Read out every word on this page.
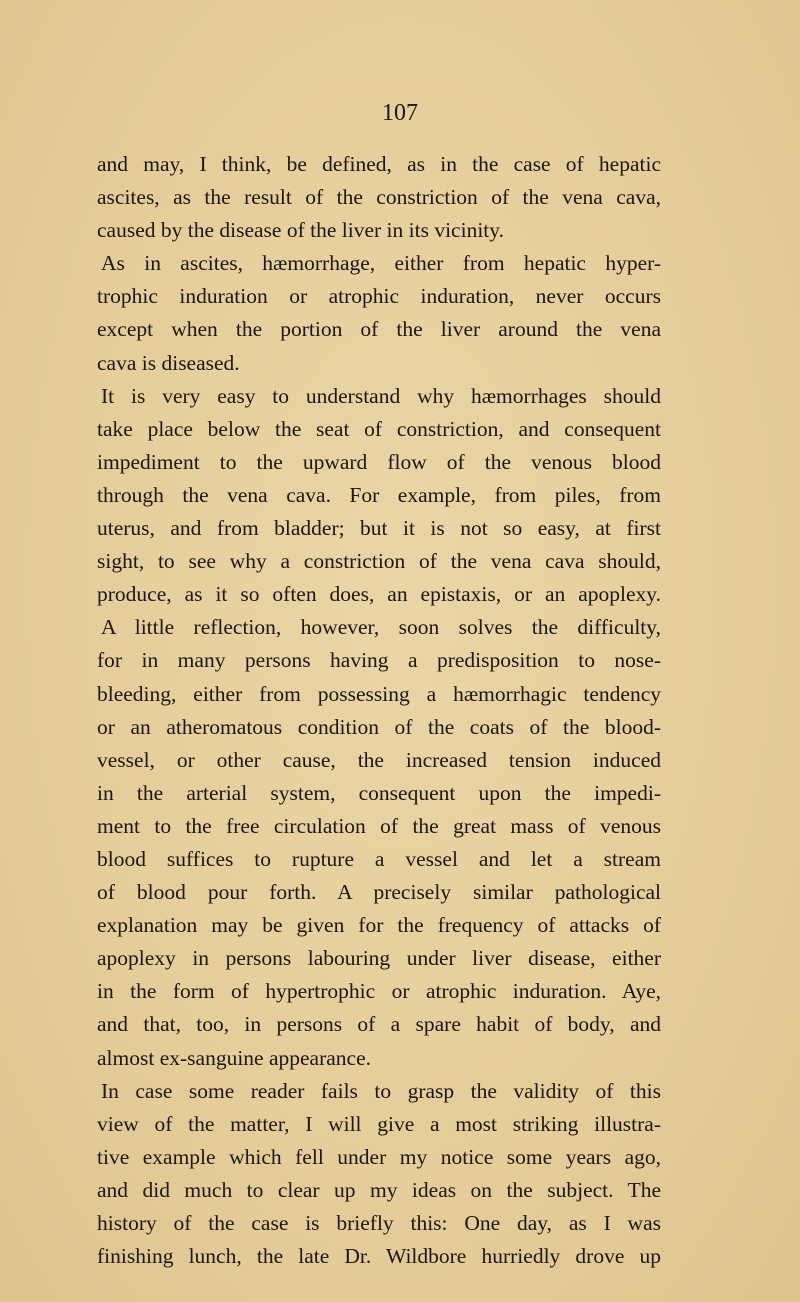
107
and may, I think, be defined, as in the case of hepatic
ascites, as the result of the constriction of the vena cava,
caused by the disease of the liver in its vicinity.
As in ascites, hæmorrhage, either from hepatic hyper-
trophic induration or atrophic induration, never occurs
except when the portion of the liver around the vena
cava is diseased.
It is very easy to understand why hæmorrhages should
take place below the seat of constriction, and consequent
impediment to the upward flow of the venous blood
through the vena cava. For example, from piles, from
uterus, and from bladder; but it is not so easy, at first
sight, to see why a constriction of the vena cava should,
produce, as it so often does, an epistaxis, or an apoplexy.
A little reflection, however, soon solves the difficulty,
for in many persons having a predisposition to nose-
bleeding, either from possessing a hæmorrhagic tendency
or an atheromatous condition of the coats of the blood-
vessel, or other cause, the increased tension induced
in the arterial system, consequent upon the impedi-
ment to the free circulation of the great mass of venous
blood suffices to rupture a vessel and let a stream
of blood pour forth. A precisely similar pathological
explanation may be given for the frequency of attacks of
apoplexy in persons labouring under liver disease, either
in the form of hypertrophic or atrophic induration. Aye,
and that, too, in persons of a spare habit of body, and
almost ex-sanguine appearance.
In case some reader fails to grasp the validity of this
view of the matter, I will give a most striking illustra-
tive example which fell under my notice some years ago,
and did much to clear up my ideas on the subject. The
history of the case is briefly this: One day, as I was
finishing lunch, the late Dr. Wildbore hurriedly drove up
